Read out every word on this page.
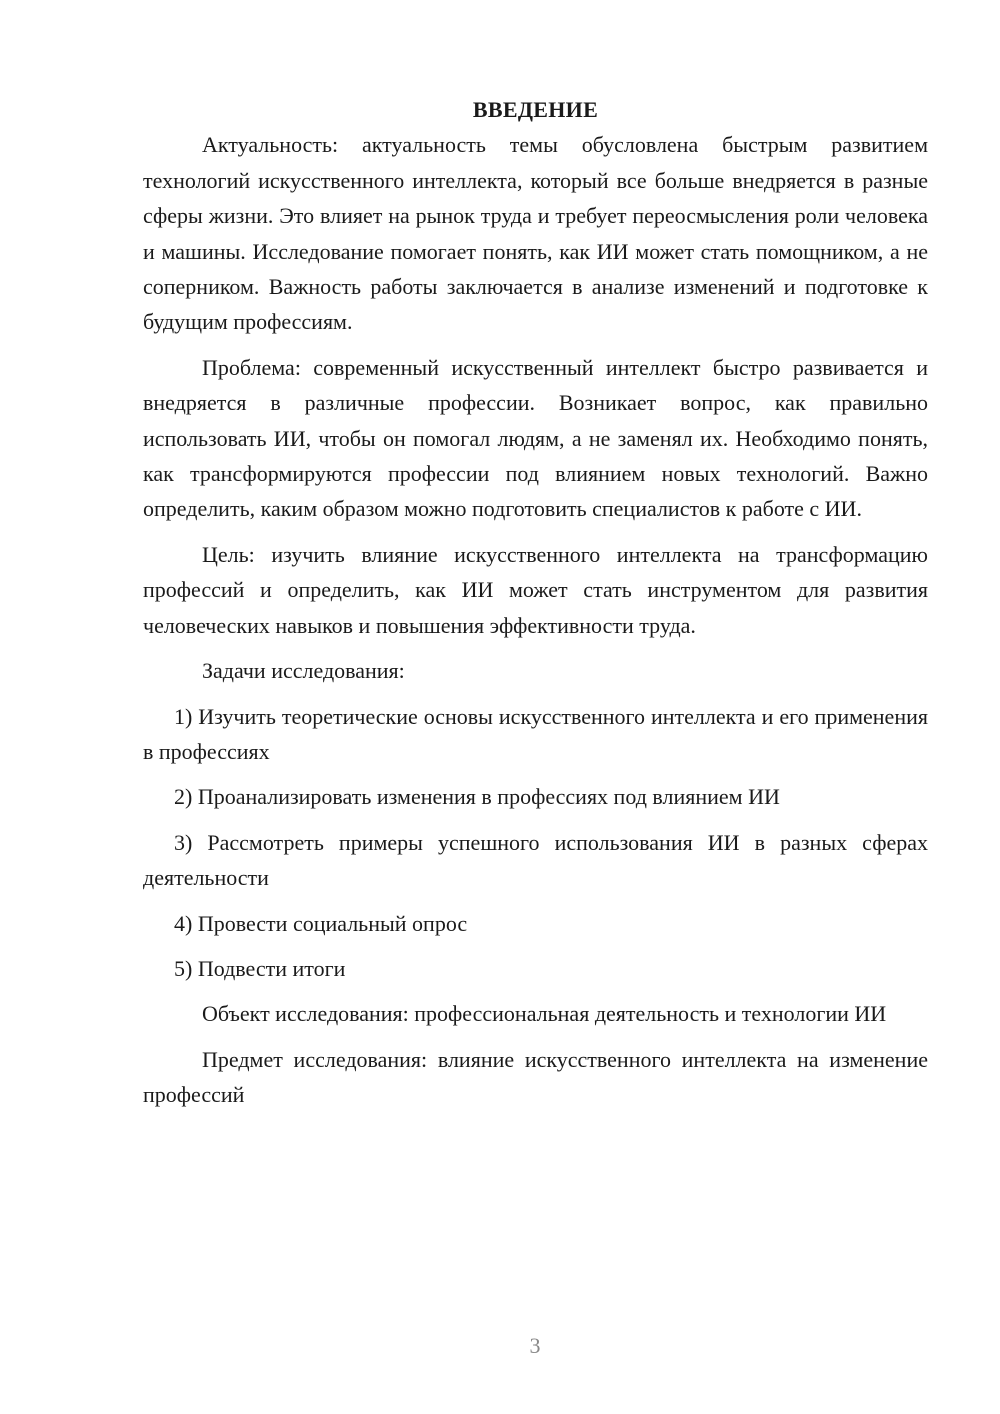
ВВЕДЕНИЕ

Актуальность: актуальность темы обусловлена быстрым развитием технологий искусственного интеллекта, который все больше внедряется в разные сферы жизни. Это влияет на рынок труда и требует переосмысления роли человека и машины. Исследование помогает понять, как ИИ может стать помощником, а не соперником. Важность работы заключается в анализе изменений и подготовке к будущим профессиям.

Проблема: современный искусственный интеллект быстро развивается и внедряется в различные профессии. Возникает вопрос, как правильно использовать ИИ, чтобы он помогал людям, а не заменял их. Необходимо понять, как трансформируются профессии под влиянием новых технологий. Важно определить, каким образом можно подготовить специалистов к работе с ИИ.

Цель: изучить влияние искусственного интеллекта на трансформацию профессий и определить, как ИИ может стать инструментом для развития человеческих навыков и повышения эффективности труда.

Задачи исследования:

1) Изучить теоретические основы искусственного интеллекта и его применения в профессиях

2) Проанализировать изменения в профессиях под влиянием ИИ

3) Рассмотреть примеры успешного использования ИИ в разных сферах деятельности

4) Провести социальный опрос

5) Подвести итоги

Объект исследования: профессиональная деятельность и технологии ИИ

Предмет исследования: влияние искусственного интеллекта на изменение профессий

3
